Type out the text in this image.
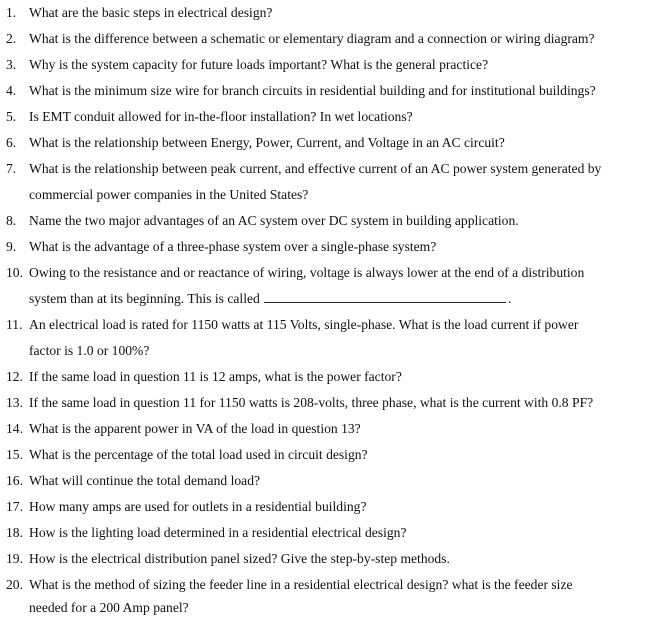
1. What are the basic steps in electrical design?
2. What is the difference between a schematic or elementary diagram and a connection or wiring diagram?
3. Why is the system capacity for future loads important? What is the general practice?
4. What is the minimum size wire for branch circuits in residential building and for institutional buildings?
5. Is EMT conduit allowed for in-the-floor installation? In wet locations?
6. What is the relationship between Energy, Power, Current, and Voltage in an AC circuit?
7. What is the relationship between peak current, and effective current of an AC power system generated by
commercial power companies in the United States?
8. Name the two major advantages of an AC system over DC system in building application.
9. What is the advantage of a three-phase system over a single-phase system?
10. Owing to the resistance and or reactance of wiring, voltage is always lower at the end of a distribution
system than at its beginning. This is called	.
11. An electrical load is rated for 1150 watts at 115 Volts, single-phase. What is the load current if power
factor is 1.0 or 100%?
12. If the same load in question 11 is 12 amps, what is the power factor?
13. If the same load in question 11 for 1150 watts is 208-volts, three phase, what is the current with 0.8 PF?
14. What is the apparent power in VA of the load in question 13?
15. What is the percentage of the total load used in circuit design?
16. What will continue the total demand load?
17. How many amps are used for outlets in a residential building?
18. How is the lighting load determined in a residential electrical design?
19. How is the electrical distribution panel sized? Give the step-by-step methods.
20. What is the method of sizing the feeder line in a residential electrical design? what is the feeder size
needed for a 200 Amp panel?
